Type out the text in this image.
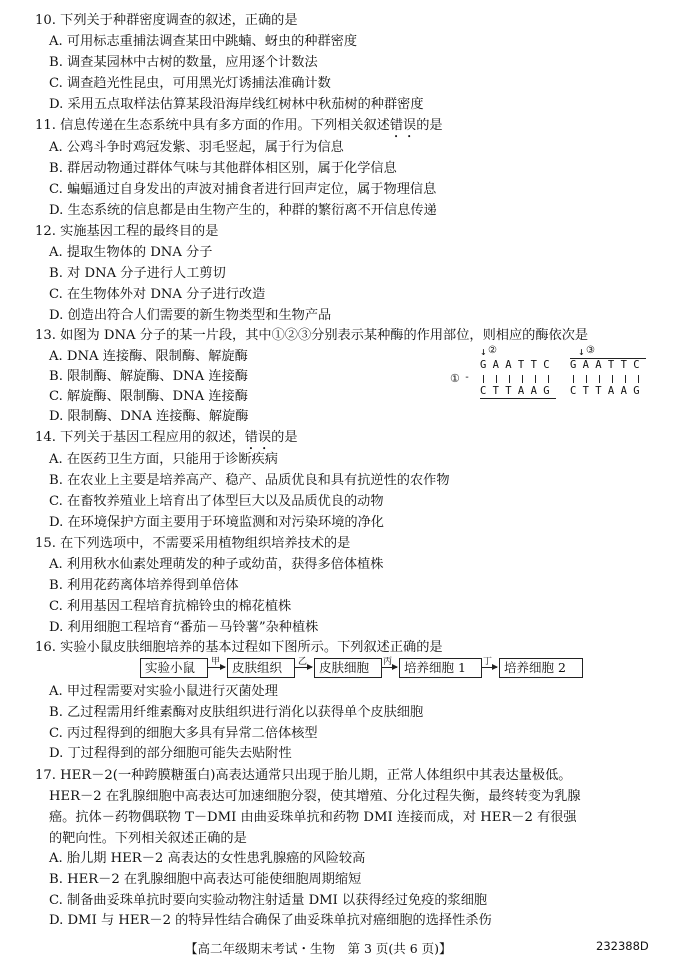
10. 下列关于种群密度调查的叙述，正确的是
A. 可用标志重捕法调查某田中跳蝻、蚜虫的种群密度
B. 调查某园林中古树的数量，应用逐个计数法
C. 调查趋光性昆虫，可用黑光灯诱捕法准确计数
D. 采用五点取样法估算某段沿海岸线红树林中秋茄树的种群密度
11. 信息传递在生态系统中具有多方面的作用。下列相关叙述错误的是
A. 公鸡斗争时鸡冠发紫、羽毛竖起，属于行为信息
B. 群居动物通过群体气味与其他群体相区别，属于化学信息
C. 蝙蝠通过自身发出的声波对捕食者进行回声定位，属于物理信息
D. 生态系统的信息都是由生物产生的，种群的繁衍离不开信息传递
12. 实施基因工程的最终目的是
A. 提取生物体的 DNA 分子
B. 对 DNA 分子进行人工剪切
C. 在生物体外对 DNA 分子进行改造
D. 创造出符合人们需要的新生物类型和生物产品
13. 如图为 DNA 分子的某一片段，其中①②③分别表示某种酶的作用部位，则相应的酶依次是
A. DNA 连接酶、限制酶、解旋酶
B. 限制酶、解旋酶、DNA 连接酶
C. 解旋酶、限制酶、DNA 连接酶
D. 限制酶、DNA 连接酶、解旋酶
↓ ②	↓ ③
① -
G A A T T C
C T T A A G
G A A T T C
C T T A A G
14. 下列关于基因工程应用的叙述，错误的是
A. 在医药卫生方面，只能用于诊断疾病
B. 在农业上主要是培养高产、稳产、品质优良和具有抗逆性的农作物
C. 在畜牧养殖业上培育出了体型巨大以及品质优良的动物
D. 在环境保护方面主要用于环境监测和对污染环境的净化
15. 在下列选项中，不需要采用植物组织培养技术的是
A. 利用秋水仙素处理萌发的种子或幼苗，获得多倍体植株
B. 利用花药离体培养得到单倍体
C. 利用基因工程培育抗棉铃虫的棉花植株
D. 利用细胞工程培育“番茄－马铃薯”杂种植株
16. 实验小鼠皮肤细胞培养的基本过程如下图所示。下列叙述正确的是
实验小鼠	甲 皮肤组织	乙 皮肤细胞	丙 培养细胞 1	丁 培养细胞 2
A. 甲过程需要对实验小鼠进行灭菌处理
B. 乙过程需用纤维素酶对皮肤组织进行消化以获得单个皮肤细胞
C. 丙过程得到的细胞大多具有异常二倍体核型
D. 丁过程得到的部分细胞可能失去贴附性
17. HER－2(一种跨膜糖蛋白)高表达通常只出现于胎儿期，正常人体组织中其表达量极低。
HER－2 在乳腺细胞中高表达可加速细胞分裂，使其增殖、分化过程失衡，最终转变为乳腺
癌。抗体－药物偶联物 T－DMI 由曲妥珠单抗和药物 DMI 连接而成，对 HER－2 有很强
的靶向性。下列相关叙述正确的是
A. 胎儿期 HER－2 高表达的女性患乳腺癌的风险较高
B. HER－2 在乳腺细胞中高表达可能使细胞周期缩短
C. 制备曲妥珠单抗时要向实验动物注射适量 DMI 以获得经过免疫的浆细胞
D. DMI 与 HER－2 的特异性结合确保了曲妥珠单抗对癌细胞的选择性杀伤
【高二年级期末考试・生物　第 3 页(共 6 页)】	232388D
